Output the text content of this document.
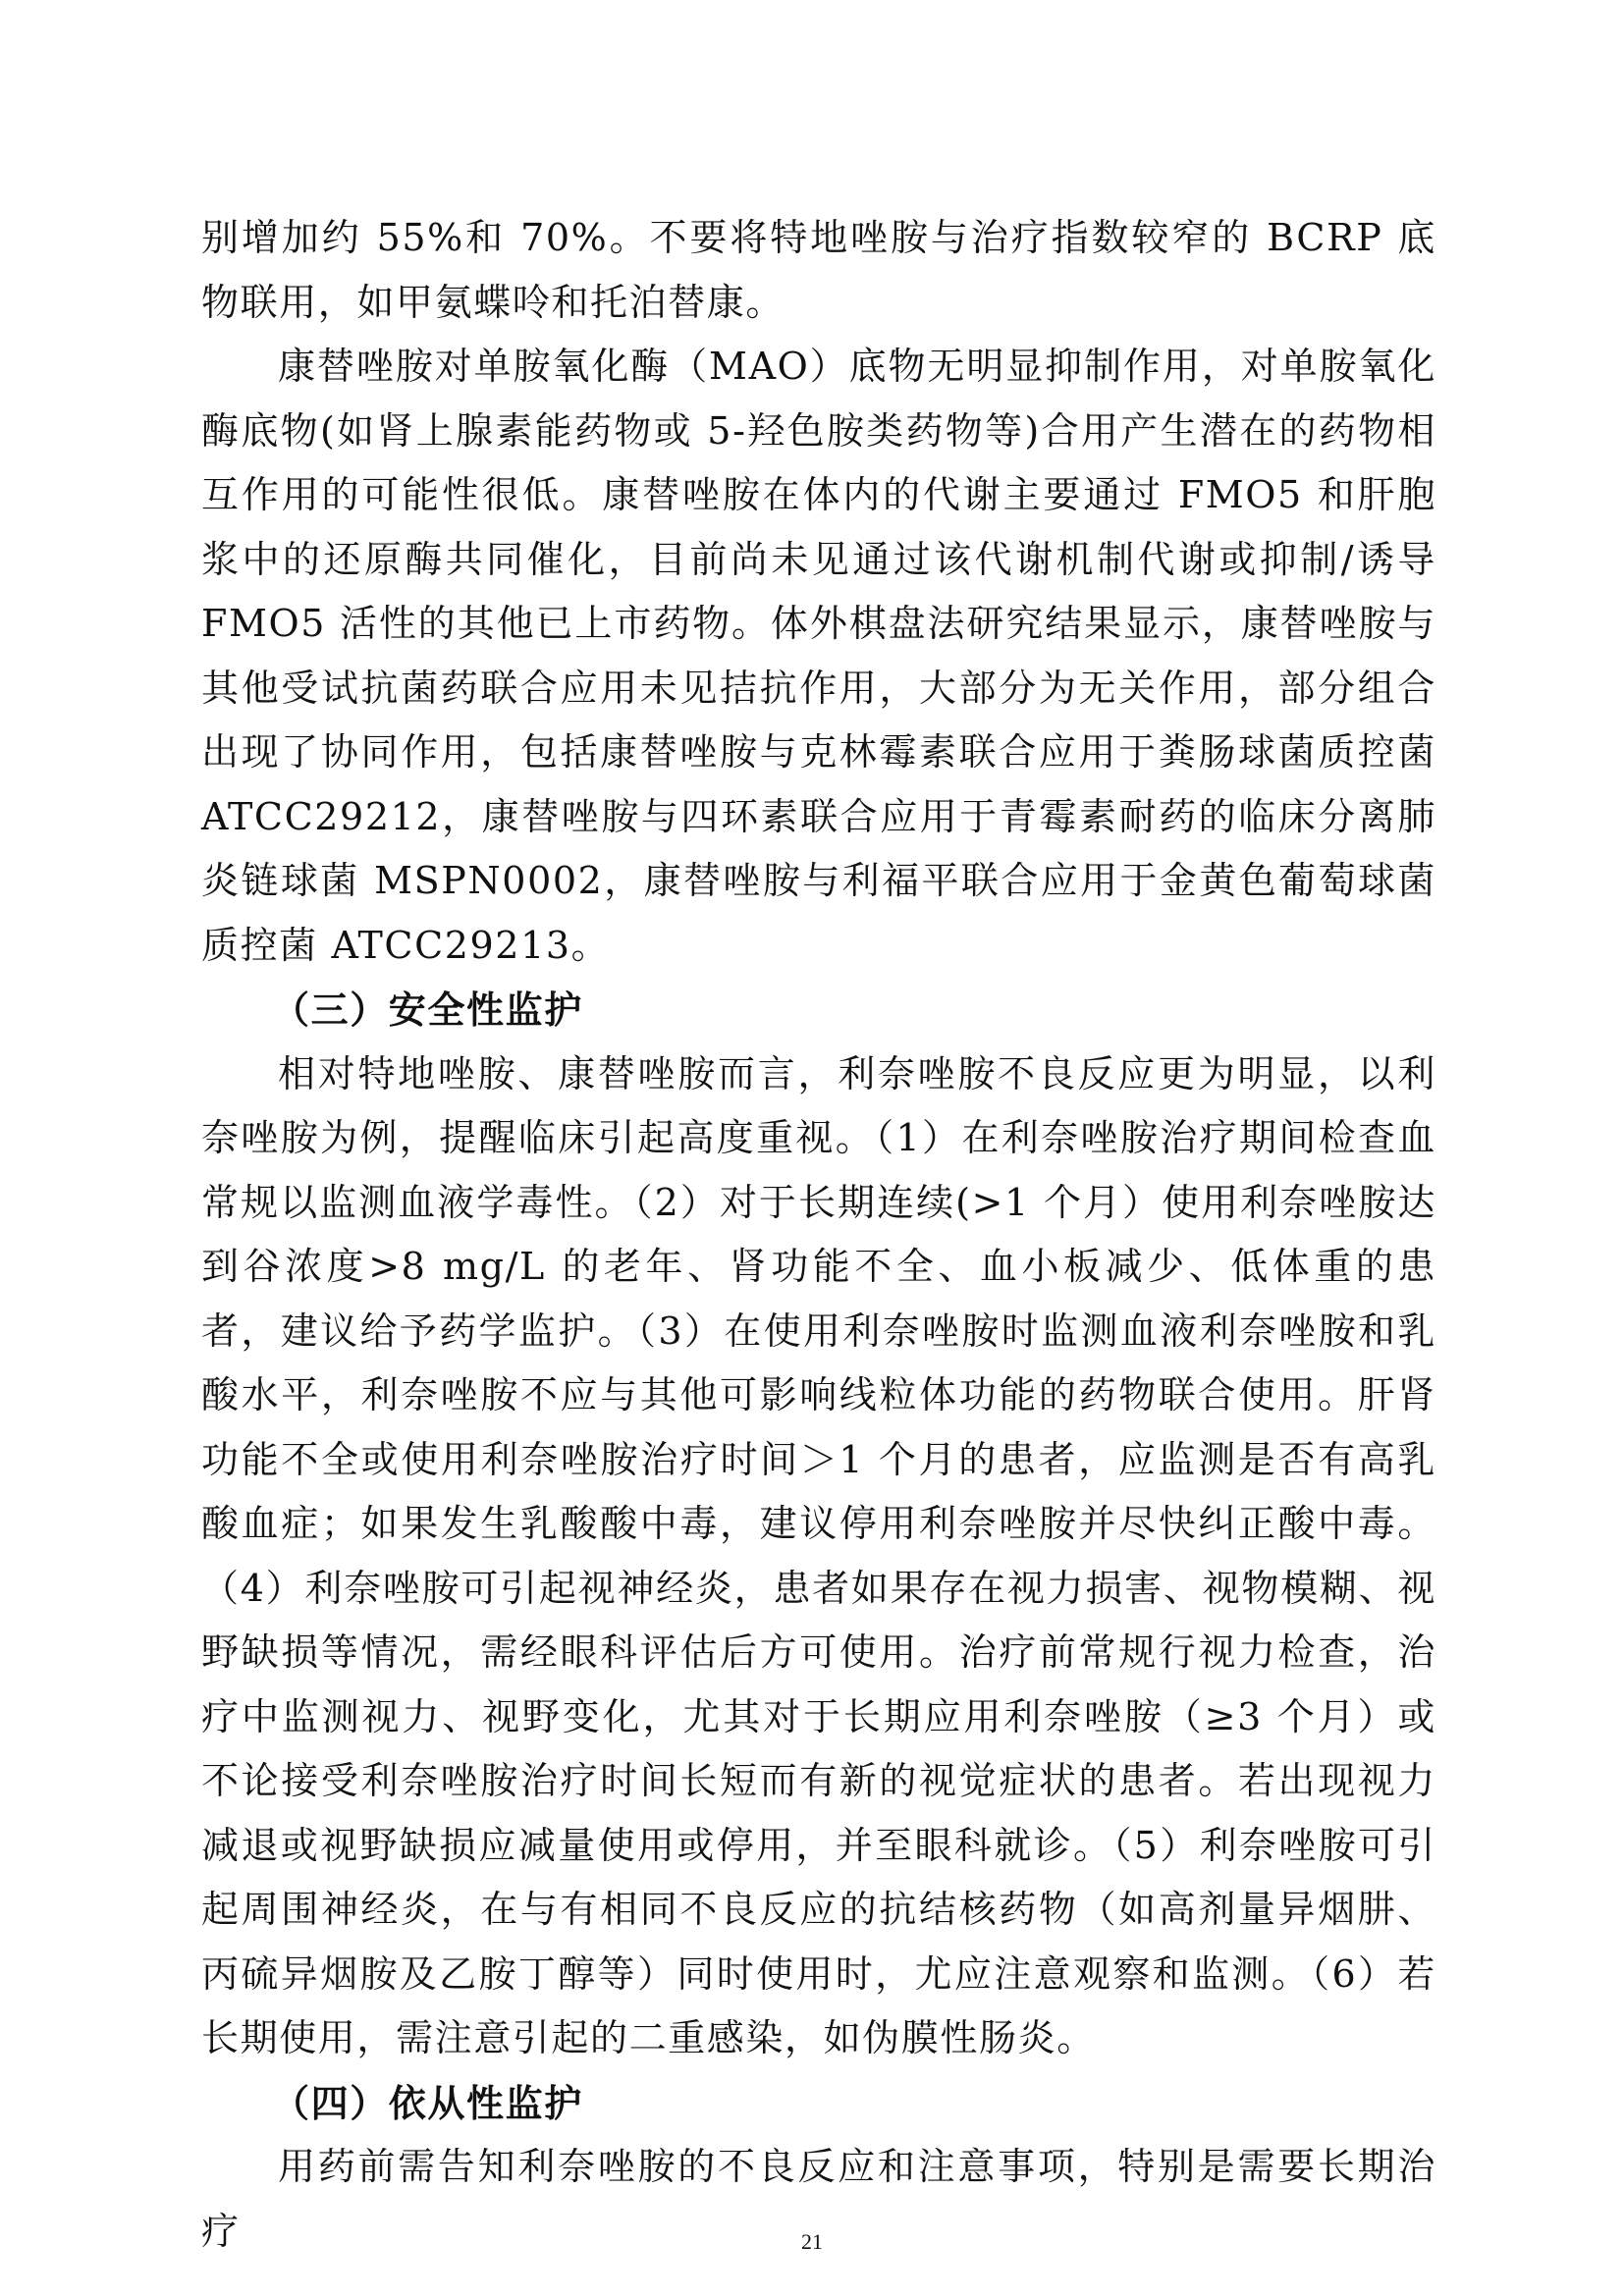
别增加约 55%和 70%。不要将特地唑胺与治疗指数较窄的 BCRP 底物联用，如甲氨蝶呤和托泊替康。

康替唑胺对单胺氧化酶（MAO）底物无明显抑制作用，对单胺氧化酶底物(如肾上腺素能药物或 5-羟色胺类药物等)合用产生潜在的药物相互作用的可能性很低。康替唑胺在体内的代谢主要通过 FMO5 和肝胞浆中的还原酶共同催化，目前尚未见通过该代谢机制代谢或抑制/诱导 FMO5 活性的其他已上市药物。体外棋盘法研究结果显示，康替唑胺与其他受试抗菌药联合应用未见拮抗作用，大部分为无关作用，部分组合出现了协同作用，包括康替唑胺与克林霉素联合应用于粪肠球菌质控菌 ATCC29212，康替唑胺与四环素联合应用于青霉素耐药的临床分离肺炎链球菌 MSPN0002，康替唑胺与利福平联合应用于金黄色葡萄球菌质控菌 ATCC29213。

（三）安全性监护

相对特地唑胺、康替唑胺而言，利奈唑胺不良反应更为明显，以利奈唑胺为例，提醒临床引起高度重视。（1）在利奈唑胺治疗期间检查血常规以监测血液学毒性。（2）对于长期连续(>1 个月）使用利奈唑胺达到谷浓度>8 mg/L 的老年、肾功能不全、血小板减少、低体重的患者，建议给予药学监护。（3）在使用利奈唑胺时监测血液利奈唑胺和乳酸水平，利奈唑胺不应与其他可影响线粒体功能的药物联合使用。肝肾功能不全或使用利奈唑胺治疗时间＞1 个月的患者，应监测是否有高乳酸血症；如果发生乳酸酸中毒，建议停用利奈唑胺并尽快纠正酸中毒。（4）利奈唑胺可引起视神经炎，患者如果存在视力损害、视物模糊、视野缺损等情况，需经眼科评估后方可使用。治疗前常规行视力检查，治疗中监测视力、视野变化，尤其对于长期应用利奈唑胺（≥3 个月）或不论接受利奈唑胺治疗时间长短而有新的视觉症状的患者。若出现视力减退或视野缺损应减量使用或停用，并至眼科就诊。（5）利奈唑胺可引起周围神经炎，在与有相同不良反应的抗结核药物（如高剂量异烟肼、丙硫异烟胺及乙胺丁醇等）同时使用时，尤应注意观察和监测。（6）若长期使用，需注意引起的二重感染，如伪膜性肠炎。

（四）依从性监护

用药前需告知利奈唑胺的不良反应和注意事项，特别是需要长期治疗	21
